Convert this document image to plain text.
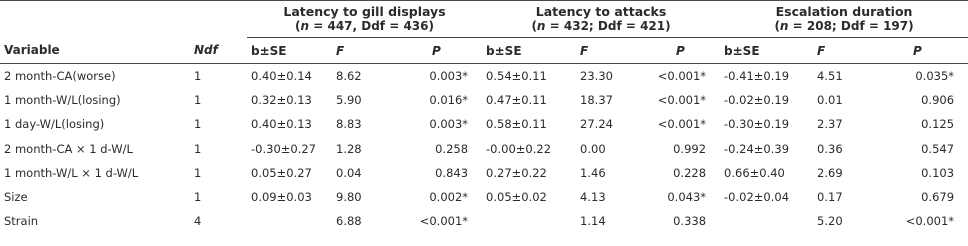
		Latency to gill displays
(n = 447, Ddf = 436)			Latency to attacks
(n = 432; Ddf = 421)			Escalation duration
(n = 208; Ddf = 197)		

Variable	Ndf	b±SE	F	P	b±SE	F	P	b±SE	F	P
2 month-CA(worse)	1	0.40±0.14	8.62	0.003*	0.54±0.11	23.30	<0.001*	-0.41±0.19	4.51	0.035*
1 month-W/L(losing)	1	0.32±0.13	5.90	0.016*	0.47±0.11	18.37	<0.001*	-0.02±0.19	0.01	0.906
1 day-W/L(losing)	1	0.40±0.13	8.83	0.003*	0.58±0.11	27.24	<0.001*	-0.30±0.19	2.37	0.125
2 month-CA × 1 d-W/L	1	-0.30±0.27	1.28	0.258	-0.00±0.22	0.00	0.992	-0.24±0.39	0.36	0.547
1 month-W/L × 1 d-W/L	1	0.05±0.27	0.04	0.843	0.27±0.22	1.46	0.228	0.66±0.40	2.69	0.103
Size	1	0.09±0.03	9.80	0.002*	0.05±0.02	4.13	0.043*	-0.02±0.04	0.17	0.679
Strain	4		6.88	<0.001*		1.14	0.338		5.20	<0.001*
